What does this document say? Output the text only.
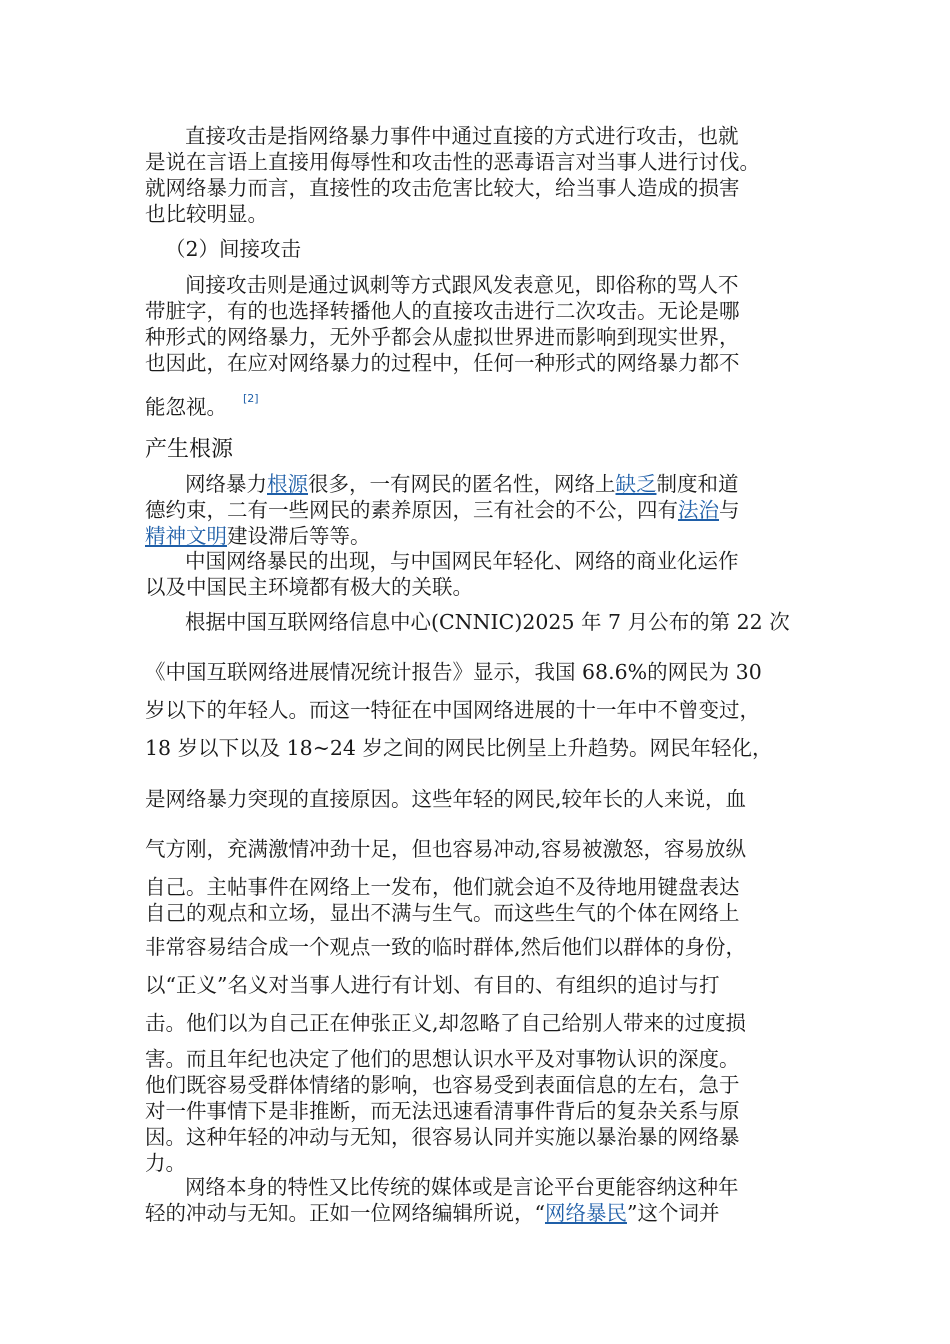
直接攻击是指网络暴力事件中通过直接的方式进行攻击，也就
是说在言语上直接用侮辱性和攻击性的恶毒语言对当事人进行讨伐。
就网络暴力而言，直接性的攻击危害比较大，给当事人造成的损害
也比较明显。
（2）间接攻击
间接攻击则是通过讽刺等方式跟风发表意见，即俗称的骂人不
带脏字，有的也选择转播他人的直接攻击进行二次攻击。无论是哪
种形式的网络暴力，无外乎都会从虚拟世界进而影响到现实世界，
也因此，在应对网络暴力的过程中，任何一种形式的网络暴力都不
能忽视。 [2]
产生根源
网络暴力根源很多，一有网民的匿名性，网络上缺乏制度和道
德约束，二有一些网民的素养原因，三有社会的不公，四有法治与
精神文明建设滞后等等。
中国网络暴民的出现，与中国网民年轻化、网络的商业化运作
以及中国民主环境都有极大的关联。
根据中国互联网络信息中心(CNNIC)2025 年 7 月公布的第 22 次
《中国互联网络进展情况统计报告》显示，我国 68.6%的网民为 30
岁以下的年轻人。而这一特征在中国网络进展的十一年中不曾变过，
18 岁以下以及 18~24 岁之间的网民比例呈上升趋势。网民年轻化，
是网络暴力突现的直接原因。这些年轻的网民,较年长的人来说，血
气方刚，充满激情冲劲十足，但也容易冲动,容易被激怒，容易放纵
自己。主帖事件在网络上一发布，他们就会迫不及待地用键盘表达
自己的观点和立场，显出不满与生气。而这些生气的个体在网络上
非常容易结合成一个观点一致的临时群体,然后他们以群体的身份，
以“正义”名义对当事人进行有计划、有目的、有组织的追讨与打
击。他们以为自己正在伸张正义,却忽略了自己给别人带来的过度损
害。而且年纪也决定了他们的思想认识水平及对事物认识的深度。
他们既容易受群体情绪的影响，也容易受到表面信息的左右，急于
对一件事情下是非推断，而无法迅速看清事件背后的复杂关系与原
因。这种年轻的冲动与无知，很容易认同并实施以暴治暴的网络暴
力。
网络本身的特性又比传统的媒体或是言论平台更能容纳这种年
轻的冲动与无知。正如一位网络编辑所说，“网络暴民”这个词并
